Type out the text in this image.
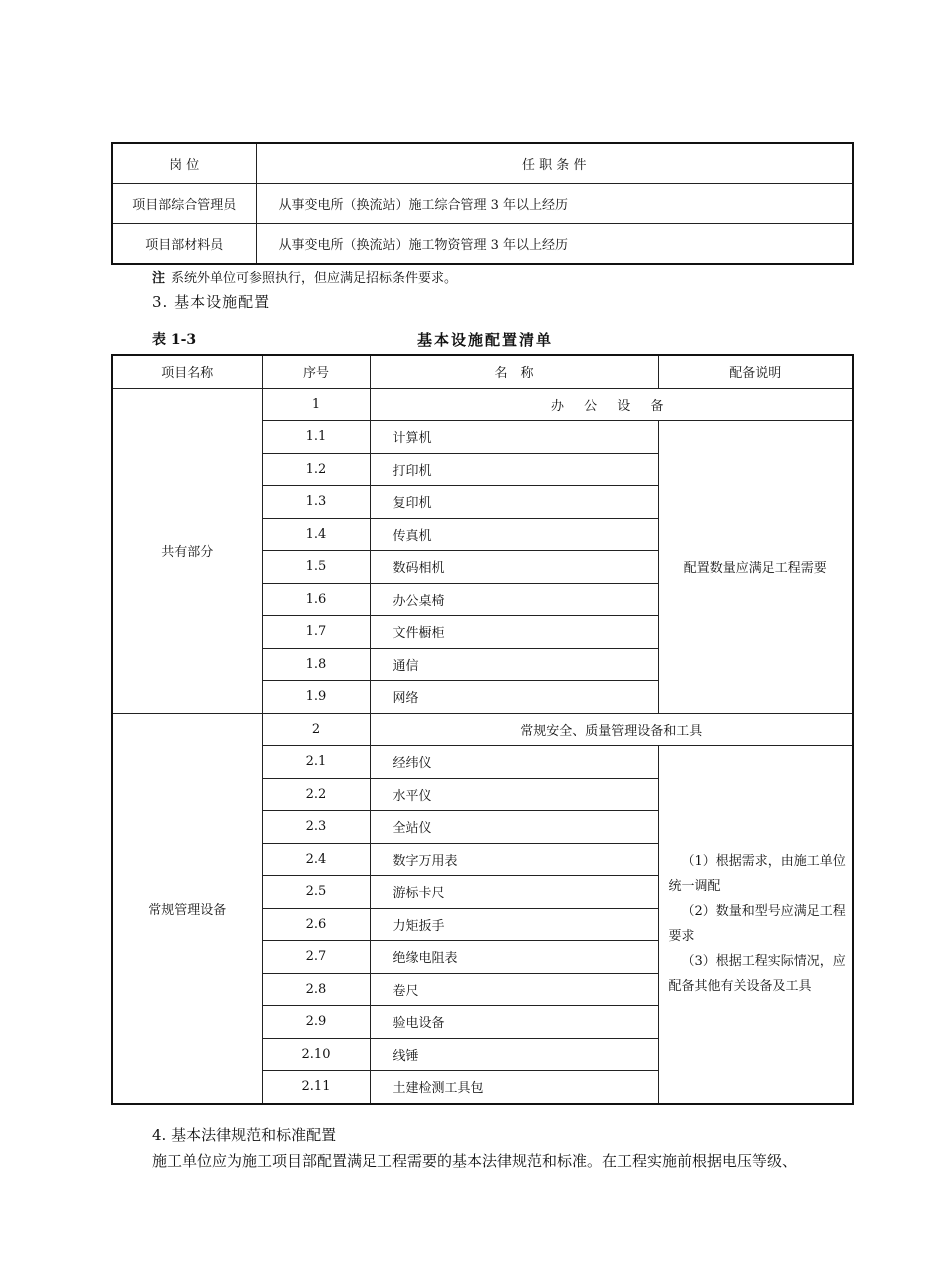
岗 位	任 职 条 件
项目部综合管理员	从事变电所（换流站）施工综合管理 3 年以上经历
项目部材料员	从事变电所（换流站）施工物资管理 3 年以上经历
注 系统外单位可参照执行，但应满足招标条件要求。
3. 基本设施配置
基本设施配置清单
表 1-3
项目名称	序号	名　称	配备说明
共有部分	1	办 公 设 备	
	1.1	计算机	配置数量应满足工程需要
	1.2	打印机	
	1.3	复印机	
	1.4	传真机	
	1.5	数码相机	
	1.6	办公桌椅	
	1.7	文件橱柜	
	1.8	通信	
	1.9	网络	
常规管理设备	2	常规安全、质量管理设备和工具	
	2.1	经纬仪	（1）根据需求，由施工单位统一调配
（2）数量和型号应满足工程要求
（3）根据工程实际情况，应配备其他有关设备及工具

	2.2	水平仪	
	2.3	全站仪	
	2.4	数字万用表	
	2.5	游标卡尺	
	2.6	力矩扳手	
	2.7	绝缘电阻表	
	2.8	卷尺	
	2.9	验电设备	
	2.10	线锤	
	2.11	土建检测工具包	
4. 基本法律规范和标准配置
施工单位应为施工项目部配置满足工程需要的基本法律规范和标准。在工程实施前根据电压等级、
